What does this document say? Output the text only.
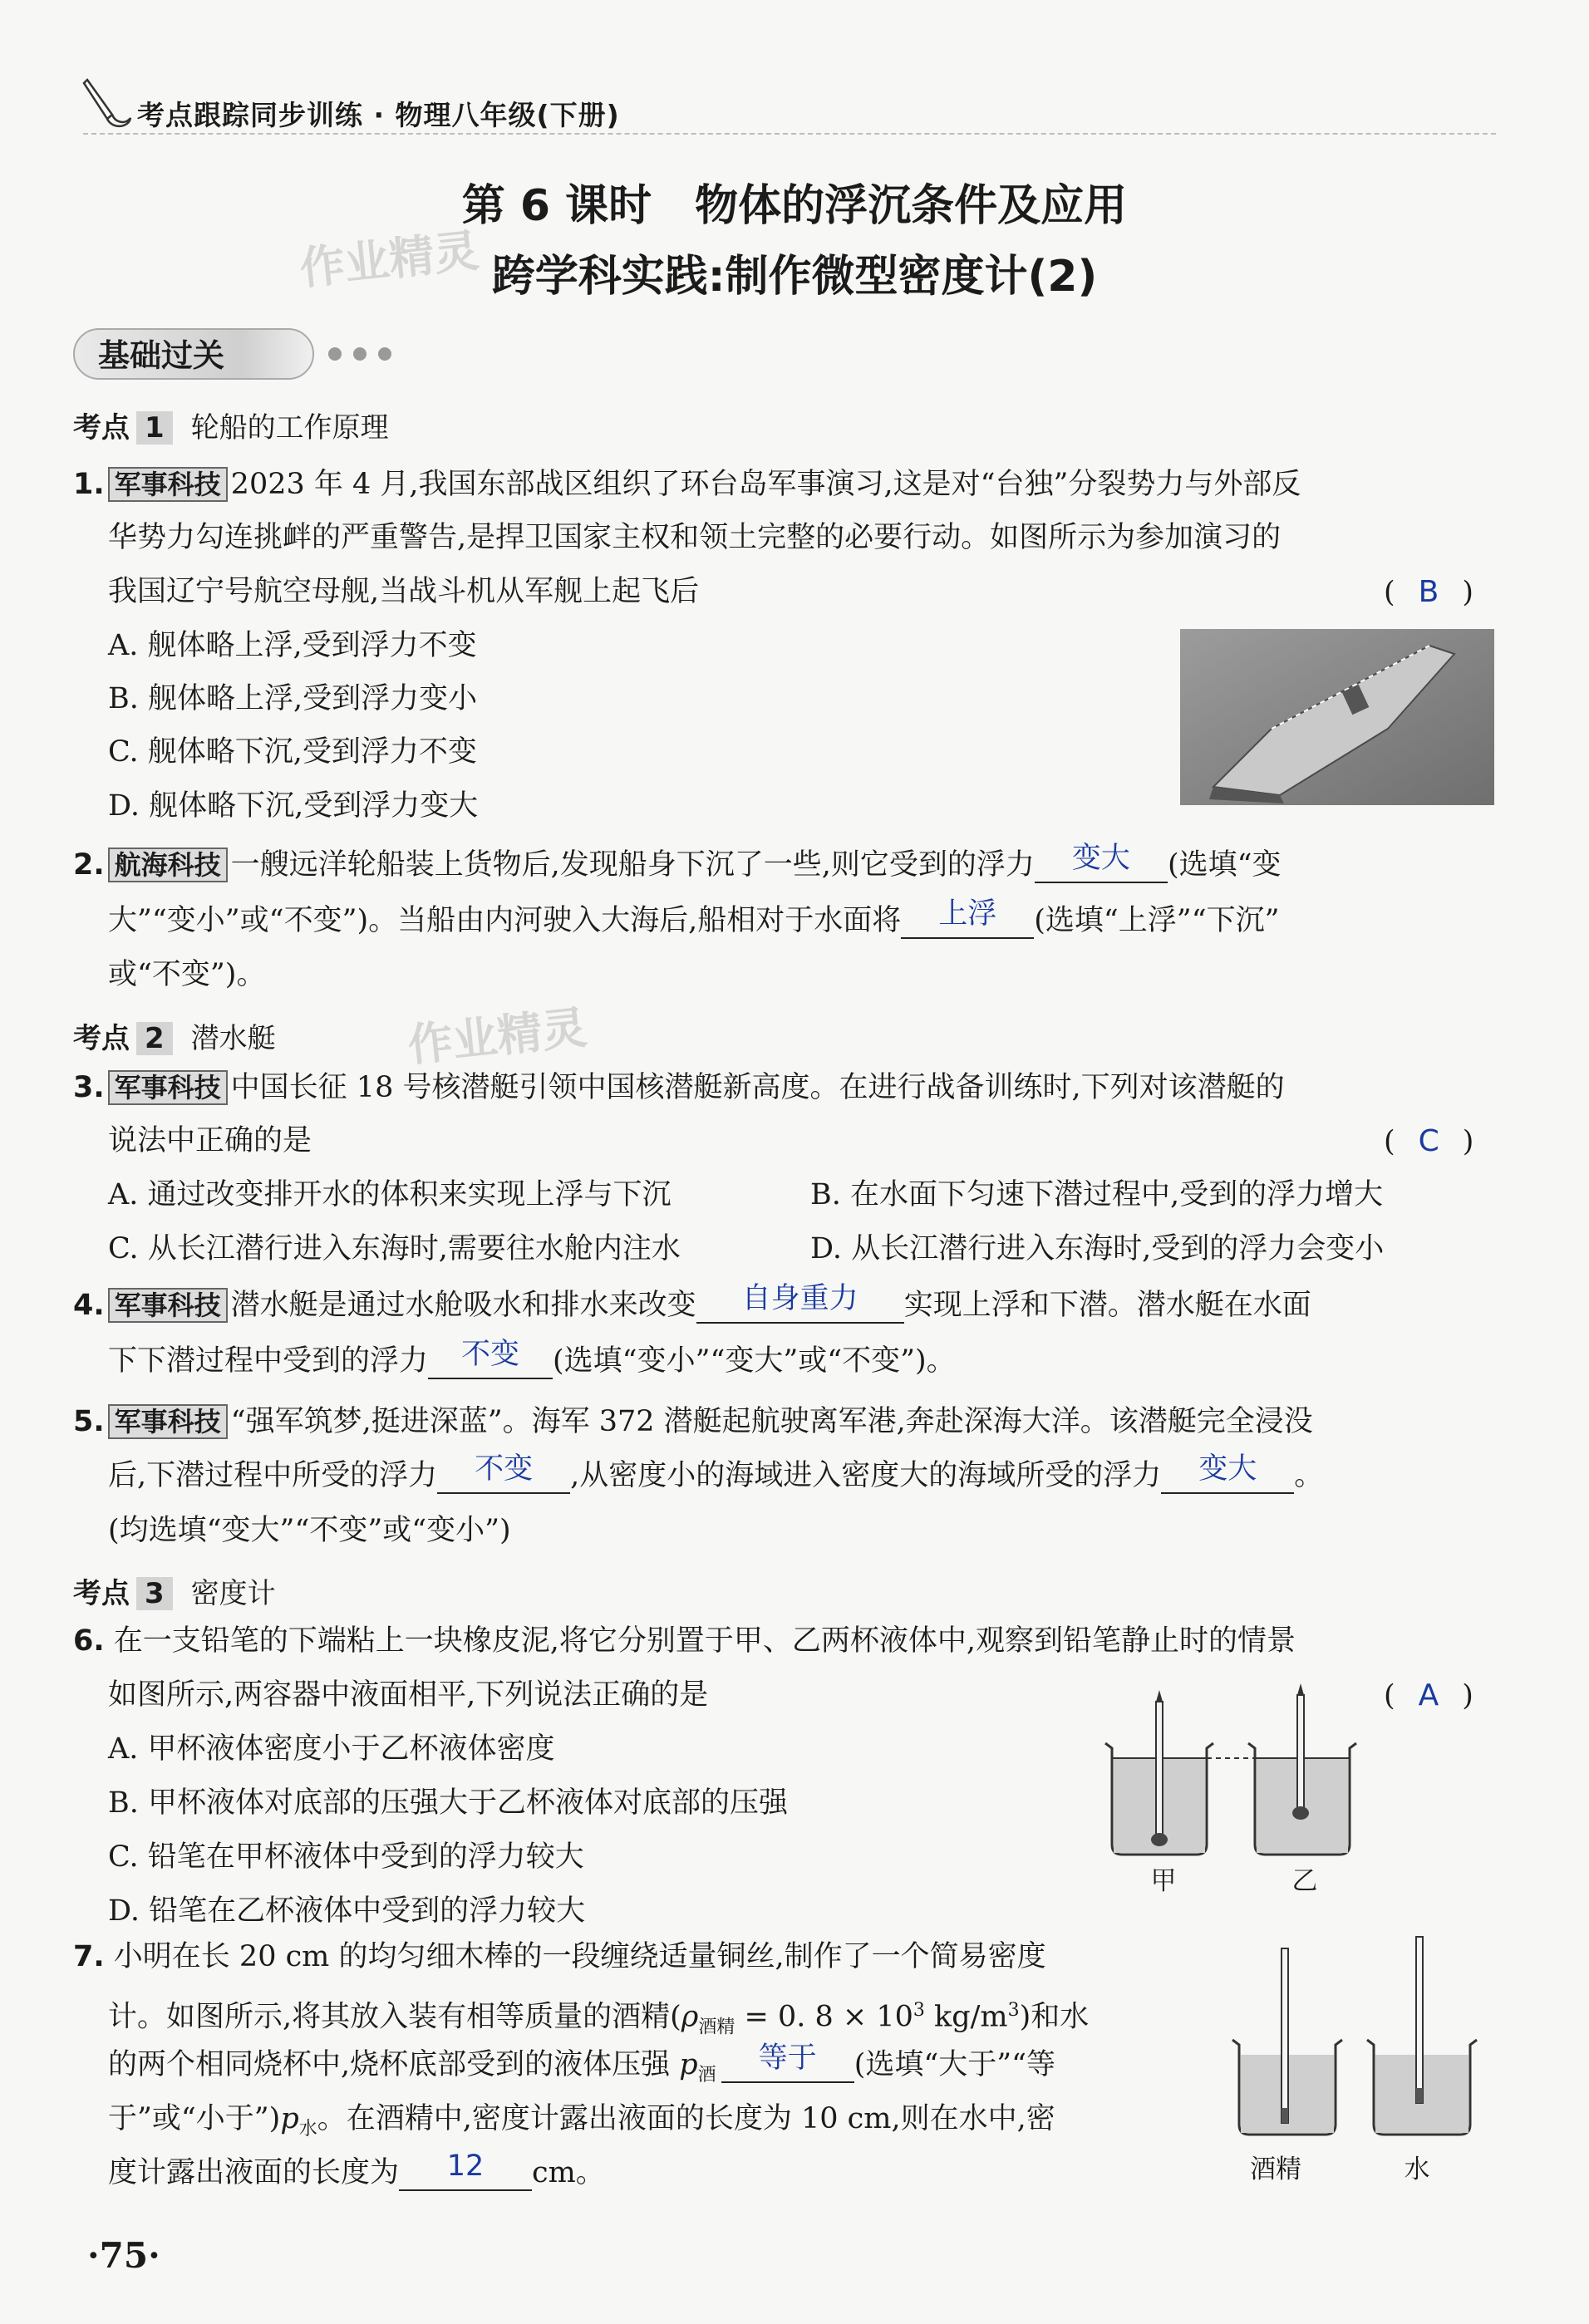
考点跟踪同步训练 · 物理八年级(下册)
第 6 课时　物体的浮沉条件及应用
跨学科实践:制作微型密度计(2)
作业精灵
作业精灵
基础过关
考点 1 轮船的工作原理
1. 军事科技 2023 年 4 月,我国东部战区组织了环台岛军事演习,这是对“台独”分裂势力与外部反
华势力勾连挑衅的严重警告,是捍卫国家主权和领土完整的必要行动。如图所示为参加演习的
我国辽宁号航空母舰,当战斗机从军舰上起飞后	( B )
A. 舰体略上浮,受到浮力不变
B. 舰体略上浮,受到浮力变小
C. 舰体略下沉,受到浮力不变
D. 舰体略下沉,受到浮力变大
2. 航海科技 一艘远洋轮船装上货物后,发现船身下沉了一些,则它受到的浮力 变大 (选填“变
大”“变小”或“不变”)。当船由内河驶入大海后,船相对于水面将 上浮 (选填“上浮”“下沉”
或“不变”)。
考点 2 潜水艇
3. 军事科技 中国长征 18 号核潜艇引领中国核潜艇新高度。在进行战备训练时,下列对该潜艇的
说法中正确的是	( C )
A. 通过改变排开水的体积来实现上浮与下沉	B. 在水面下匀速下潜过程中,受到的浮力增大
C. 从长江潜行进入东海时,需要往水舱内注水	D. 从长江潜行进入东海时,受到的浮力会变小
4. 军事科技 潜水艇是通过水舱吸水和排水来改变 自身重力 实现上浮和下潜。潜水艇在水面
下下潜过程中受到的浮力 不变 (选填“变小”“变大”或“不变”)。
5. 军事科技 “强军筑梦,挺进深蓝”。海军 372 潜艇起航驶离军港,奔赴深海大洋。该潜艇完全浸没
后,下潜过程中所受的浮力 不变 ,从密度小的海域进入密度大的海域所受的浮力 变大 。
(均选填“变大”“不变”或“变小”)
考点 3 密度计
6. 在一支铅笔的下端粘上一块橡皮泥,将它分别置于甲、乙两杯液体中,观察到铅笔静止时的情景
如图所示,两容器中液面相平,下列说法正确的是	( A )
A. 甲杯液体密度小于乙杯液体密度
B. 甲杯液体对底部的压强大于乙杯液体对底部的压强
C. 铅笔在甲杯液体中受到的浮力较大
D. 铅笔在乙杯液体中受到的浮力较大
甲	乙
7. 小明在长 20 cm 的均匀细木棒的一段缠绕适量铜丝,制作了一个简易密度
计。如图所示,将其放入装有相等质量的酒精($\rho_{酒精} = 0$. $8 \times 10^3$ $kg/m^3$)和水
的两个相同烧杯中,烧杯底部受到的液体压强 $p_酒$等于 (选填“大于”“等
于”或“小于$”)p_水$。在酒精中,密度计露出液面的长度为 10 cm,则在水中,密
度计露出液面的长度为 12 cm。	酒精	水
·75·
